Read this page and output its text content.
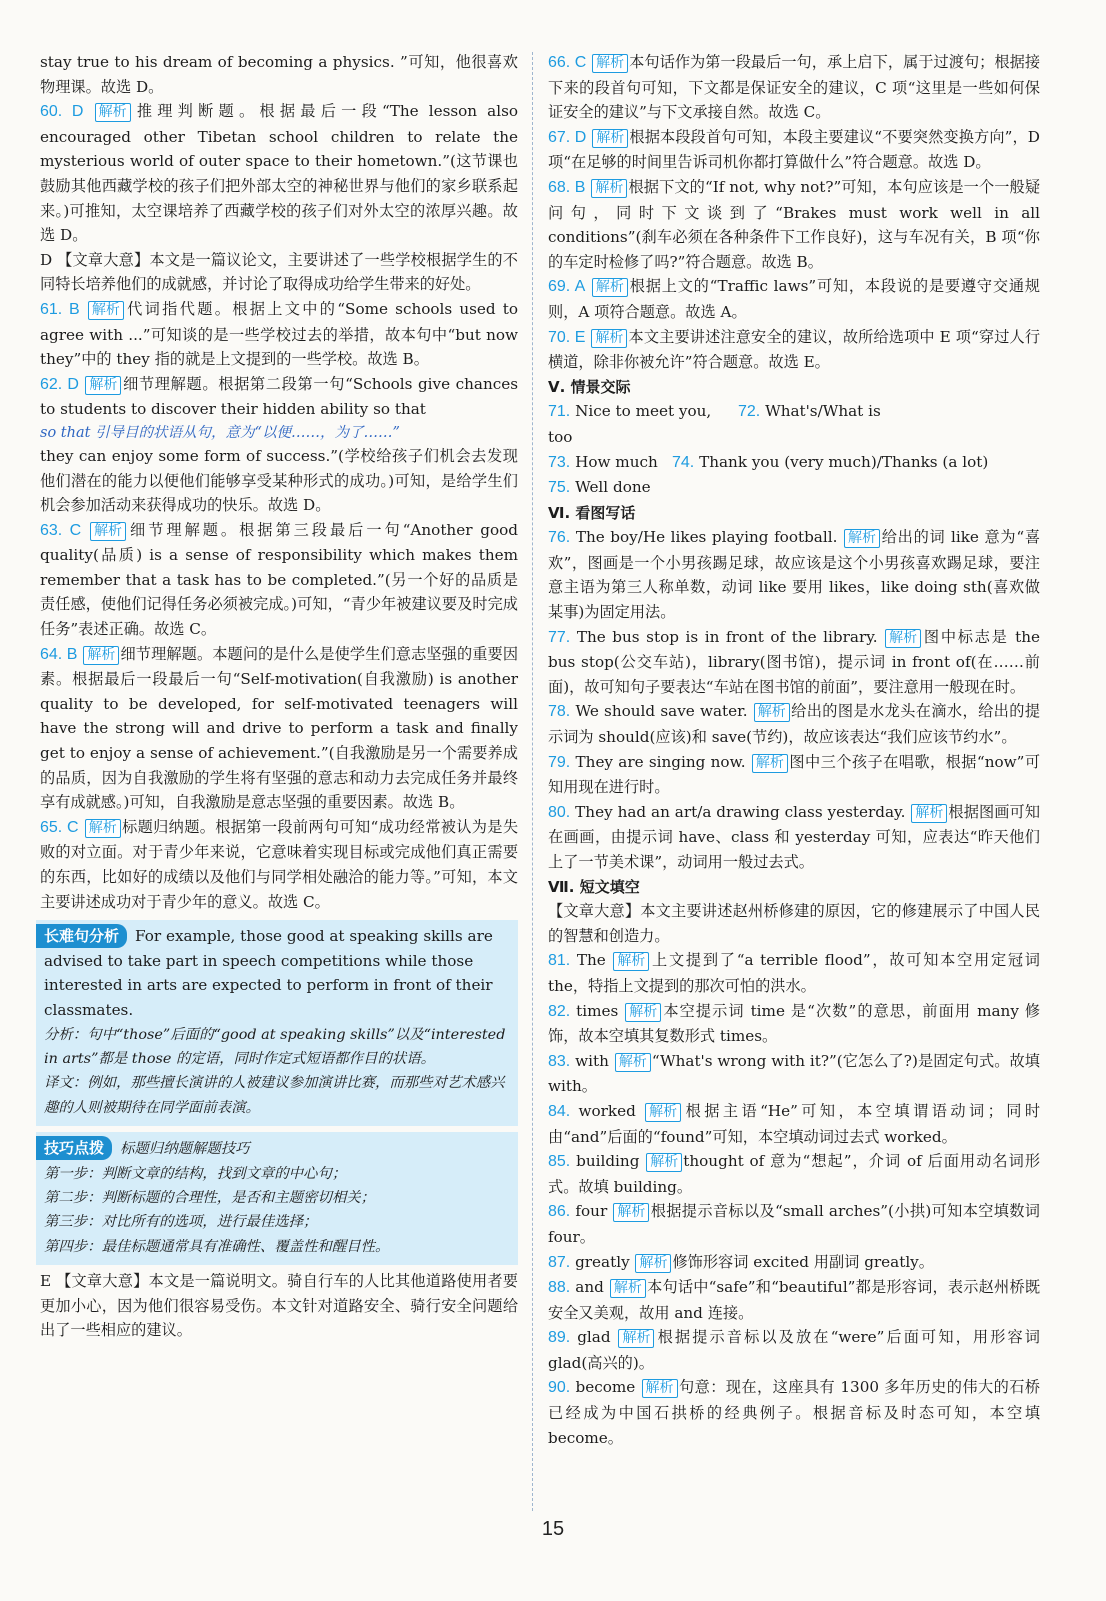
stay true to his dream of becoming a physics. ”可知，他很喜欢物理课。故选 D。

60. D 解析 推理判断题。根据最后一段“The lesson also encouraged other Tibetan school children to relate the mysterious world of outer space to their hometown.”(这节课也鼓励其他西藏学校的孩子们把外部太空的神秘世界与他们的家乡联系起来。)可推知，太空课培养了西藏学校的孩子们对外太空的浓厚兴趣。故选 D。

D 【文章大意】本文是一篇议论文，主要讲述了一些学校根据学生的不同特长培养他们的成就感，并讨论了取得成功给学生带来的好处。

61. B 解析 代词指代题。根据上文中的“Some schools used to agree with ...”可知谈的是一些学校过去的举措，故本句中“but now they”中的 they 指的就是上文提到的一些学校。故选 B。

62. D 解析 细节理解题。根据第二段第一句“Schools give chances to students to discover their hidden ability so that

so that 引导目的状语从句，意为“以便……，为了……”

they can enjoy some form of success.”(学校给孩子们机会去发现他们潜在的能力以便他们能够享受某种形式的成功。)可知，是给学生们机会参加活动来获得成功的快乐。故选 D。

63. C 解析 细节理解题。根据第三段最后一句“Another good quality(品质) is a sense of responsibility which makes them remember that a task has to be completed.”(另一个好的品质是责任感，使他们记得任务必须被完成。)可知，“青少年被建议要及时完成任务”表述正确。故选 C。

64. B 解析 细节理解题。本题问的是什么是使学生们意志坚强的重要因素。根据最后一段最后一句“Self-motivation(自我激励) is another quality to be developed, for self-motivated teenagers will have the strong will and drive to perform a task and finally get to enjoy a sense of achievement.”(自我激励是另一个需要养成的品质，因为自我激励的学生将有坚强的意志和动力去完成任务并最终享有成就感。)可知，自我激励是意志坚强的重要因素。故选 B。

65. C 解析 标题归纳题。根据第一段前两句可知“成功经常被认为是失败的对立面。对于青少年来说，它意味着实现目标或完成他们真正需要的东西，比如好的成绩以及他们与同学相处融洽的能力等。”可知，本文主要讲述成功对于青少年的意义。故选 C。

长难句分析 For example, those good at speaking skills are advised to take part in speech competitions while those interested in arts are expected to perform in front of their classmates.

分析：句中“those”后面的“good at speaking skills”以及“interested in arts”都是 those 的定语，同时作定式短语都作目的状语。

译文：例如，那些擅长演讲的人被建议参加演讲比赛，而那些对艺术感兴趣的人则被期待在同学面前表演。

技巧点拨 标题归纳题解题技巧

第一步：判断文章的结构，找到文章的中心句；

第二步：判断标题的合理性，是否和主题密切相关；

第三步：对比所有的选项，进行最佳选择；

第四步：最佳标题通常具有准确性、覆盖性和醒目性。

E 【文章大意】本文是一篇说明文。骑自行车的人比其他道路使用者要更加小心，因为他们很容易受伤。本文针对道路安全、骑行安全问题给出了一些相应的建议。

66. C 解析 本句话作为第一段最后一句，承上启下，属于过渡句；根据接下来的段首句可知，下文都是保证安全的建议，C 项“这里是一些如何保证安全的建议”与下文承接自然。故选 C。

67. D 解析 根据本段段首句可知，本段主要建议“不要突然变换方向”，D 项“在足够的时间里告诉司机你都打算做什么”符合题意。故选 D。

68. B 解析 根据下文的“If not, why not?”可知，本句应该是一个一般疑问句，同时下文谈到了“Brakes must work well in all conditions”(刹车必须在各种条件下工作良好)，这与车况有关，B 项“你的车定时检修了吗?”符合题意。故选 B。

69. A 解析 根据上文的“Traffic laws”可知，本段说的是要遵守交通规则，A 项符合题意。故选 A。

70. E 解析 本文主要讲述注意安全的建议，故所给选项中 E 项“穿过人行横道，除非你被允许”符合题意。故选 E。

Ⅴ. 情景交际

71. Nice to meet you, too
72. What's/What is

73. How much 74. Thank you (very much)/Thanks (a lot)

75. Well done

Ⅵ. 看图写话

76. The boy/He likes playing football. 解析 给出的词 like 意为“喜欢”，图画是一个小男孩踢足球，故应该是这个小男孩喜欢踢足球，要注意主语为第三人称单数，动词 like 要用 likes，like doing sth(喜欢做某事)为固定用法。

77. The bus stop is in front of the library. 解析 图中标志是 the bus stop(公交车站)，library(图书馆)，提示词 in front of(在……前面)，故可知句子要表达“车站在图书馆的前面”，要注意用一般现在时。

78. We should save water. 解析 给出的图是水龙头在滴水，给出的提示词为 should(应该)和 save(节约)，故应该表达“我们应该节约水”。

79. They are singing now. 解析 图中三个孩子在唱歌，根据“now”可知用现在进行时。

80. They had an art/a drawing class yesterday. 解析 根据图画可知在画画，由提示词 have、class 和 yesterday 可知，应表达“昨天他们上了一节美术课”，动词用一般过去式。

Ⅶ. 短文填空

【文章大意】本文主要讲述赵州桥修建的原因，它的修建展示了中国人民的智慧和创造力。

81. The 解析 上文提到了“a terrible flood”，故可知本空用定冠词 the，特指上文提到的那次可怕的洪水。

82. times 解析 本空提示词 time 是“次数”的意思，前面用 many 修饰，故本空填其复数形式 times。

83. with 解析 “What's wrong with it?”(它怎么了?)是固定句式。故填 with。

84. worked 解析 根据主语“He”可知，本空填谓语动词；同时由“and”后面的“found”可知，本空填动词过去式 worked。

85. building 解析 thought of 意为“想起”，介词 of 后面用动名词形式。故填 building。

86. four 解析 根据提示音标以及“small arches”(小拱)可知本空填数词 four。

87. greatly 解析 修饰形容词 excited 用副词 greatly。

88. and 解析 本句话中“safe”和“beautiful”都是形容词，表示赵州桥既安全又美观，故用 and 连接。

89. glad 解析 根据提示音标以及放在“were”后面可知，用形容词 glad(高兴的)。

90. become 解析 句意：现在，这座具有 1300 多年历史的伟大的石桥已经成为中国石拱桥的经典例子。根据音标及时态可知，本空填 become。

15
